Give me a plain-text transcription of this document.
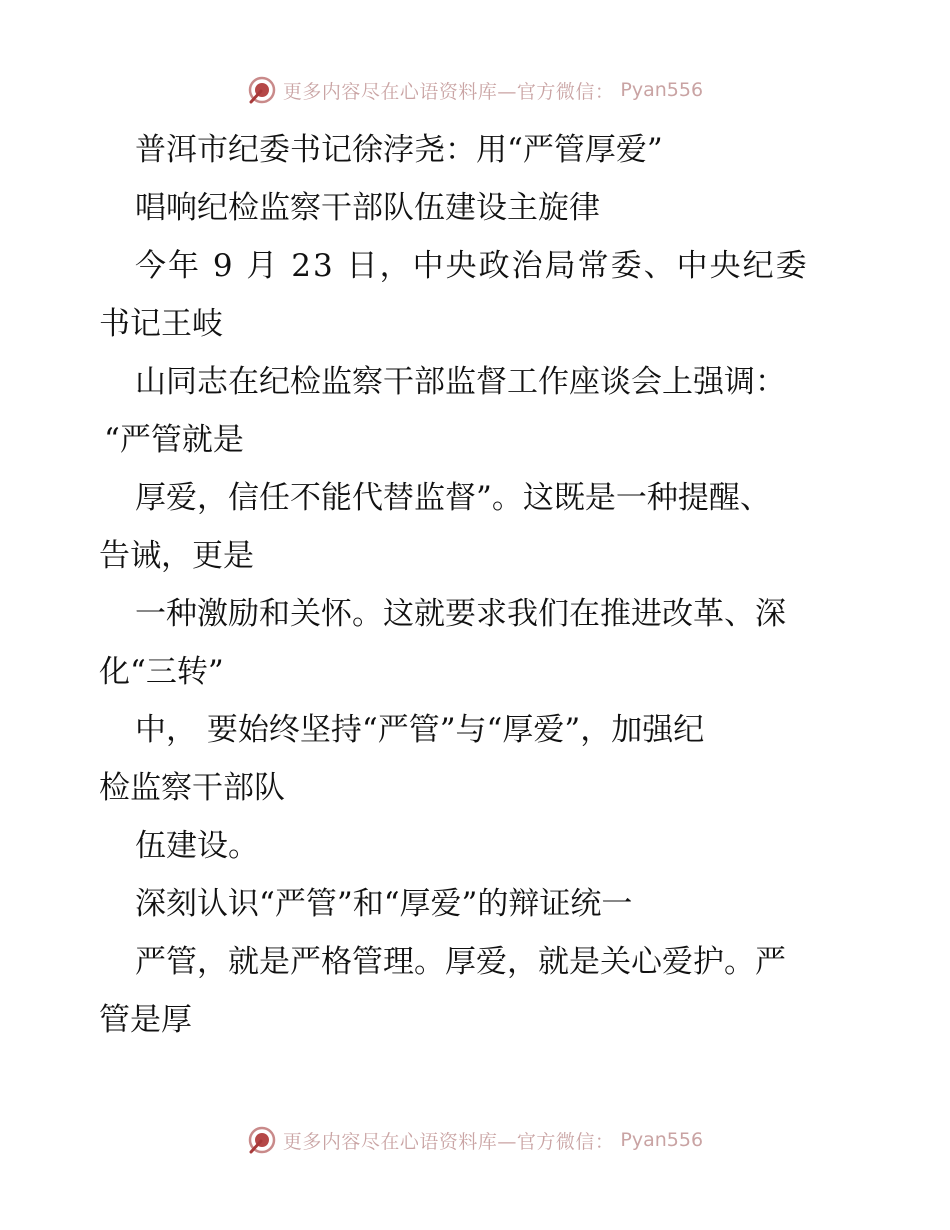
更多内容尽在心语资料库—官方微信： Pyan556
普洱市纪委书记徐浡尧：用“严管厚爱”
唱响纪检监察干部队伍建设主旋律
今年 9 月 23 日，中央政治局常委、中央纪委
书记王岐
山同志在纪检监察干部监督工作座谈会上强调：
“严管就是
厚爱，信任不能代替监督”。这既是一种提醒、
告诫，更是
一种激励和关怀。这就要求我们在推进改革、深
化“三转”
中， 要始终坚持“严管”与“厚爱”，加强纪
检监察干部队
伍建设。
深刻认识“严管”和“厚爱”的辩证统一
严管，就是严格管理。厚爱，就是关心爱护。严
管是厚
更多内容尽在心语资料库—官方微信： Pyan556
